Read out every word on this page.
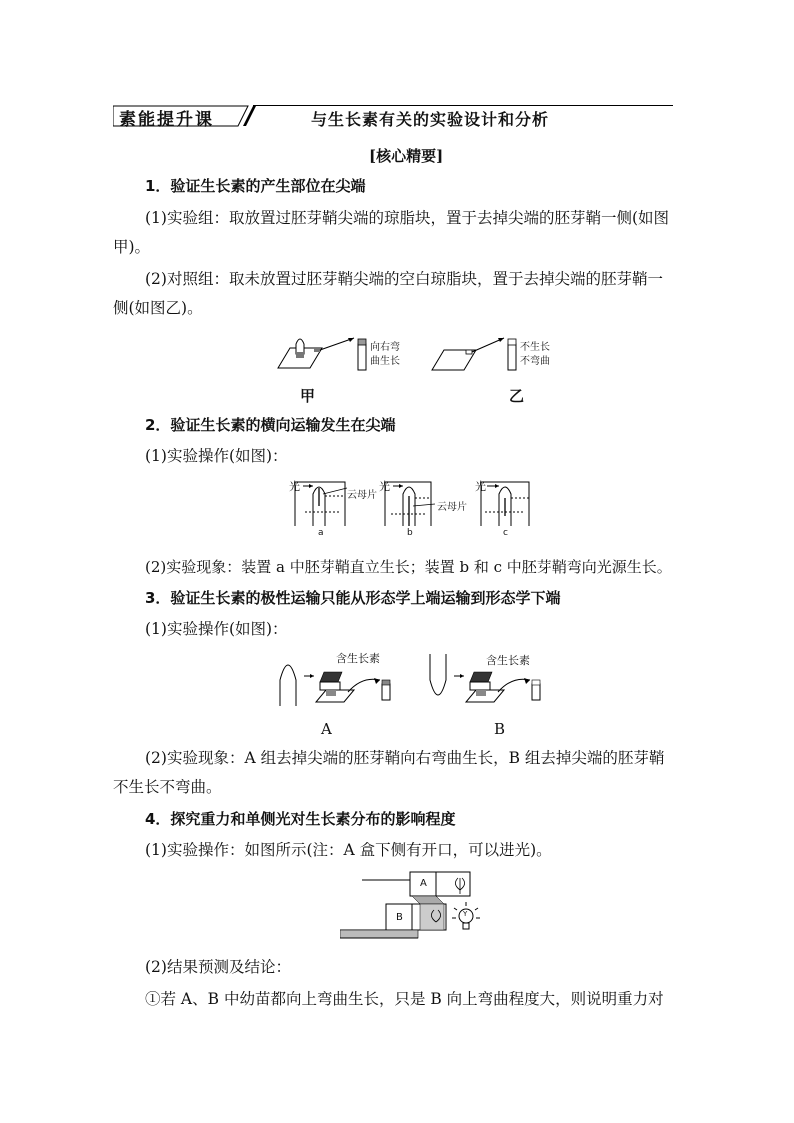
素能提升课	与生长素有关的实验设计和分析
[核心精要]
1．验证生长素的产生部位在尖端
(1)实验组：取放置过胚芽鞘尖端的琼脂块，置于去掉尖端的胚芽鞘一侧(如图
甲)。
(2)对照组：取未放置过胚芽鞘尖端的空白琼脂块，置于去掉尖端的胚芽鞘一
侧(如图乙)。
向右弯
曲生长
不生长
不弯曲
甲	乙
2．验证生长素的横向运输发生在尖端
(1)实验操作(如图)：
光	光	光
云母片
云母片
a	b	c
(2)实验现象：装置 a 中胚芽鞘直立生长；装置 b 和 c 中胚芽鞘弯向光源生长。
3．验证生长素的极性运输只能从形态学上端运输到形态学下端
(1)实验操作(如图)：
含生长素	含生长素
A	B
(2)实验现象：A 组去掉尖端的胚芽鞘向右弯曲生长，B 组去掉尖端的胚芽鞘
不生长不弯曲。
4．探究重力和单侧光对生长素分布的影响程度
(1)实验操作：如图所示(注：A 盒下侧有开口，可以进光)。
A
B	Y
(2)结果预测及结论：
①若 A、B 中幼苗都向上弯曲生长，只是 B 向上弯曲程度大，则说明重力对
